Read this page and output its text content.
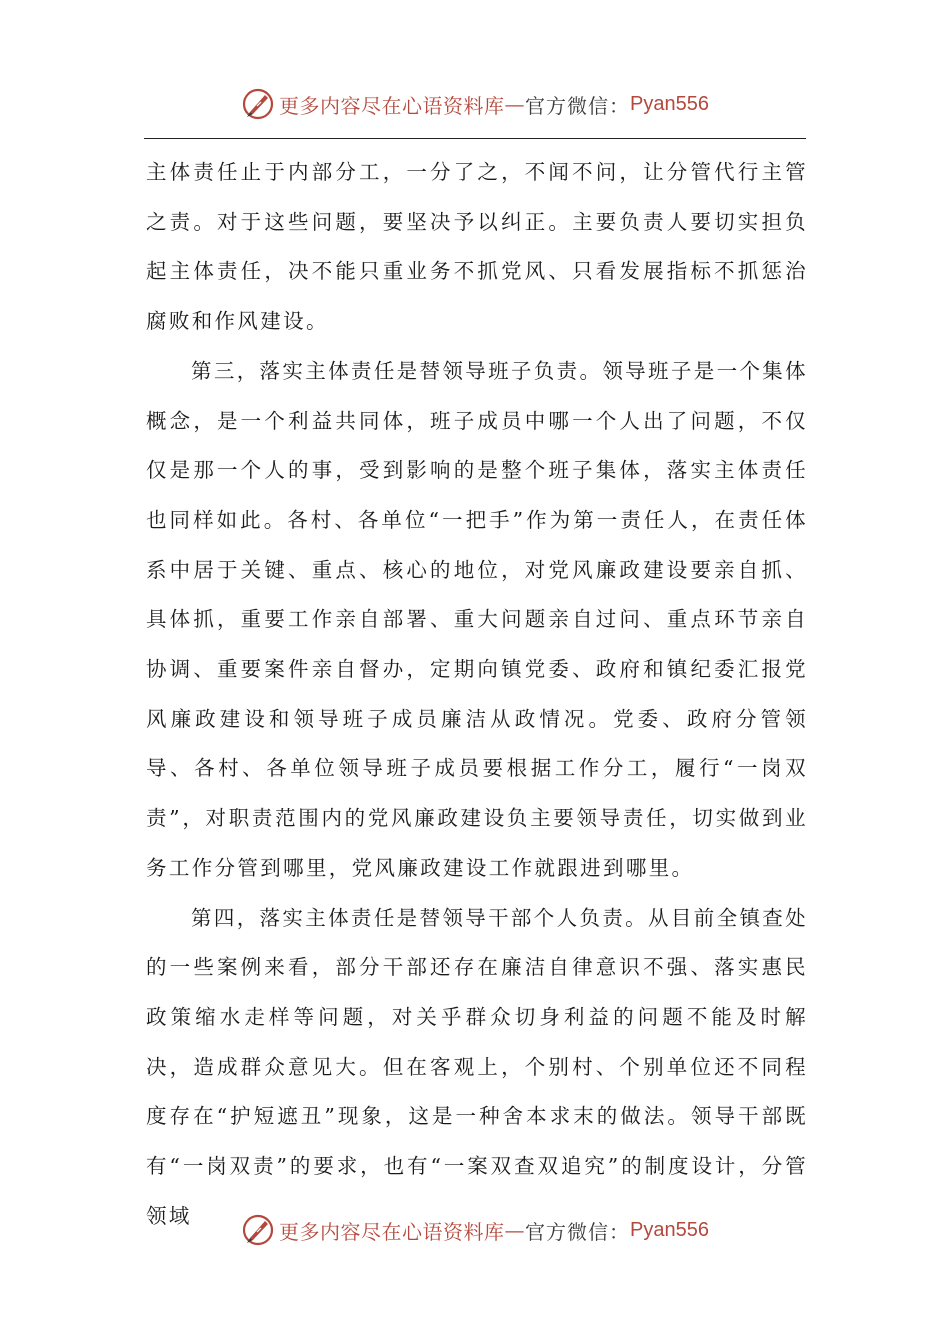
更多内容尽在心语资料库 — 官方微信： Pyan556

主体责任止于内部分工，一分了之，不闻不问，让分管代行主管之责。对于这些问题，要坚决予以纠正。主要负责人要切实担负起主体责任，决不能只重业务不抓党风、只看发展指标不抓惩治腐败和作风建设。

第三，落实主体责任是替领导班子负责。领导班子是一个集体概念，是一个利益共同体，班子成员中哪一个人出了问题，不仅仅是那一个人的事，受到影响的是整个班子集体，落实主体责任也同样如此。各村、各单位“一把手”作为第一责任人，在责任体系中居于关键、重点、核心的地位，对党风廉政建设要亲自抓、具体抓，重要工作亲自部署、重大问题亲自过问、重点环节亲自协调、重要案件亲自督办，定期向镇党委、政府和镇纪委汇报党风廉政建设和领导班子成员廉洁从政情况。党委、政府分管领导、各村、各单位领导班子成员要根据工作分工，履行“一岗双责”，对职责范围内的党风廉政建设负主要领导责任，切实做到业务工作分管到哪里，党风廉政建设工作就跟进到哪里。

第四，落实主体责任是替领导干部个人负责。从目前全镇查处的一些案例来看，部分干部还存在廉洁自律意识不强、落实惠民政策缩水走样等问题，对关乎群众切身利益的问题不能及时解决，造成群众意见大。但在客观上，个别村、个别单位还不同程度存在“护短遮丑”现象，这是一种舍本求末的做法。领导干部既有“一岗双责”的要求，也有“一案双查双追究”的制度设计，分管领域

更多内容尽在心语资料库 — 官方微信： Pyan556
